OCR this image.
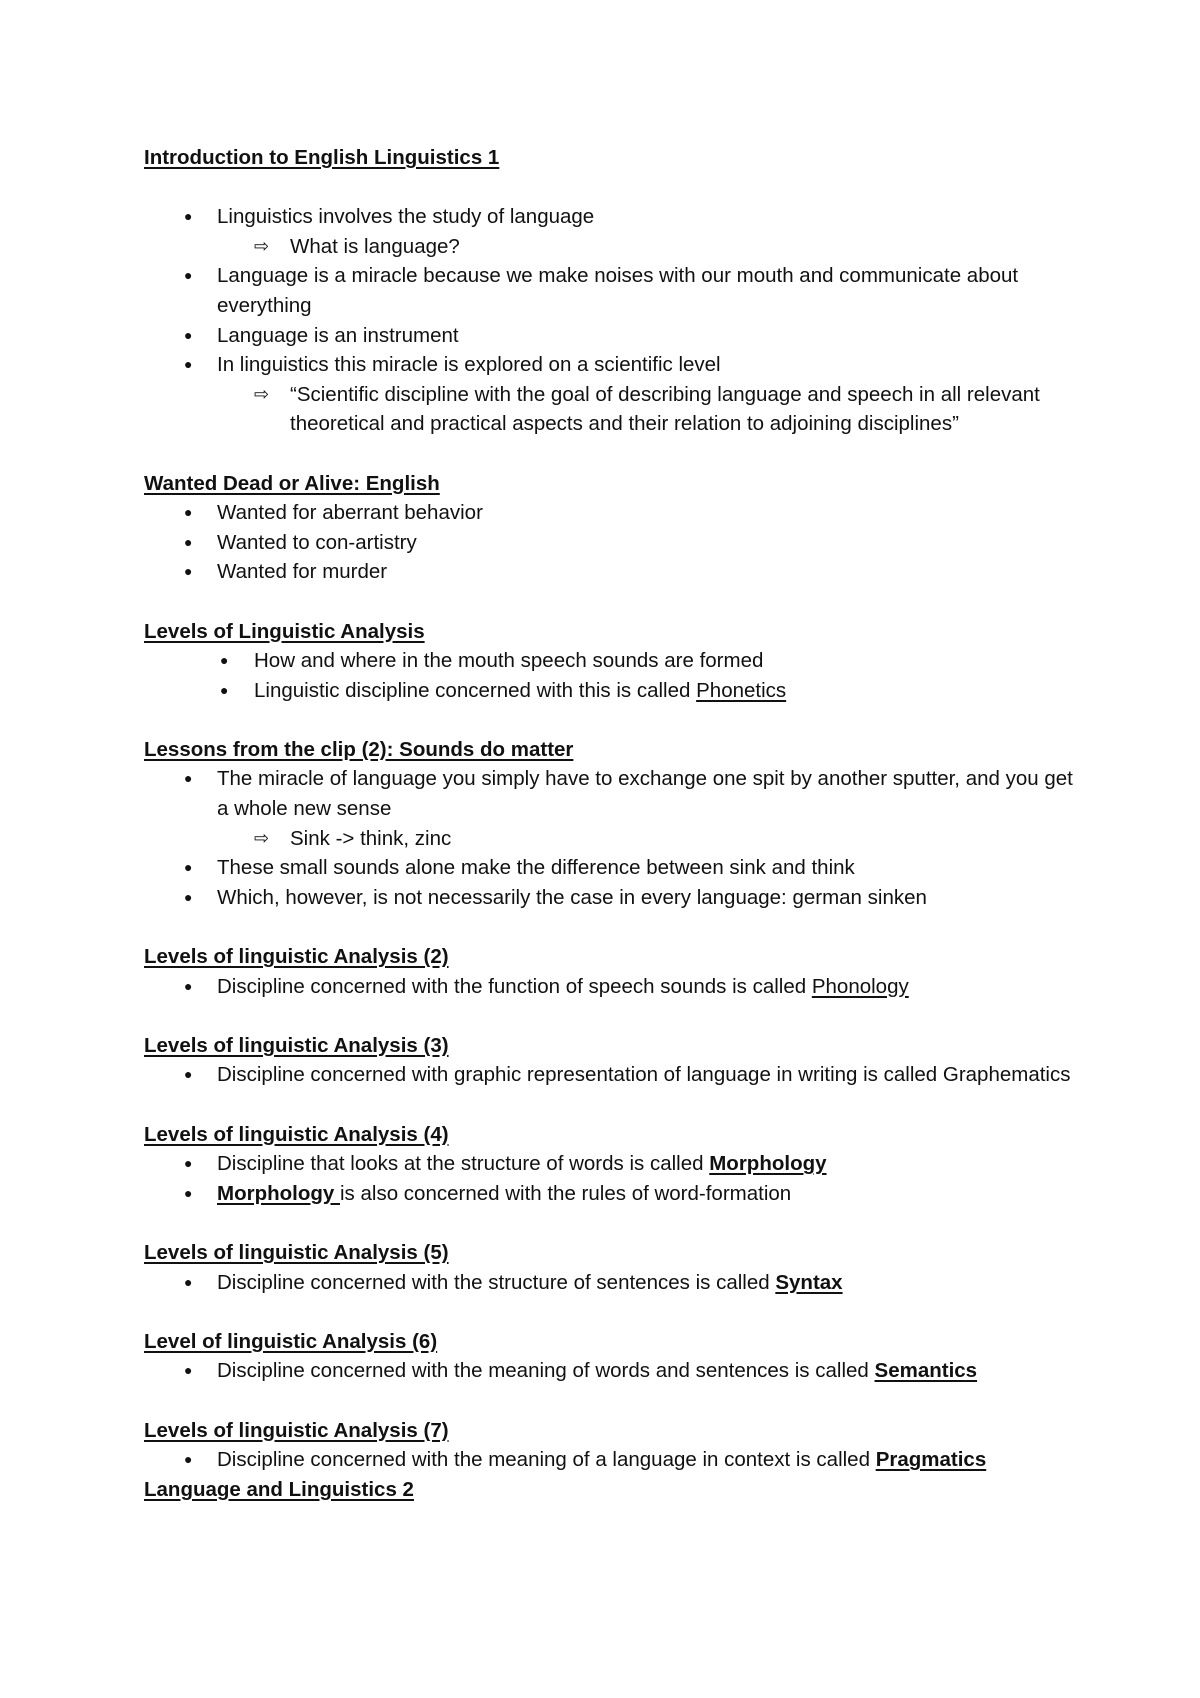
Introduction to English Linguistics 1

● Linguistics involves the study of language
⇨ What is language?
● Language is a miracle because we make noises with our mouth and communicate about everything
● Language is an instrument
● In linguistics this miracle is explored on a scientific level
⇨ “Scientific discipline with the goal of describing language and speech in all relevant theoretical and practical aspects and their relation to adjoining disciplines”

Wanted Dead or Alive: English

● Wanted for aberrant behavior
● Wanted to con-artistry
● Wanted for murder

Levels of Linguistic Analysis

● How and where in the mouth speech sounds are formed
● Linguistic discipline concerned with this is called Phonetics

Lessons from the clip (2): Sounds do matter

● The miracle of language you simply have to exchange one spit by another sputter, and you get a whole new sense
⇨ Sink -> think, zinc
● These small sounds alone make the difference between sink and think
● Which, however, is not necessarily the case in every language: german sinken

Levels of linguistic Analysis (2)

● Discipline concerned with the function of speech sounds is called Phonology

Levels of linguistic Analysis (3)

● Discipline concerned with graphic representation of language in writing is called Graphematics

Levels of linguistic Analysis (4)

● Discipline that looks at the structure of words is called Morphology
● Morphology is also concerned with the rules of word-formation

Levels of linguistic Analysis (5)

● Discipline concerned with the structure of sentences is called Syntax

Level of linguistic Analysis (6)

● Discipline concerned with the meaning of words and sentences is called Semantics

Levels of linguistic Analysis (7)

● Discipline concerned with the meaning of a language in context is called Pragmatics

Language and Linguistics 2
